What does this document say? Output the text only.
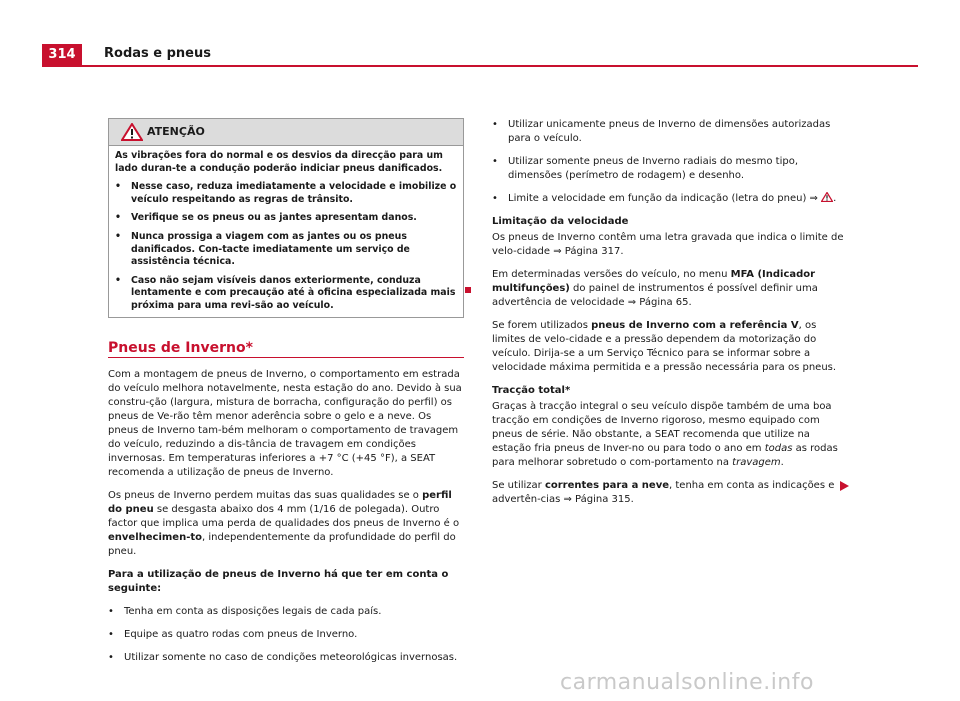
314	Rodas e pneus
ATENÇÃO

As vibrações fora do normal e os desvios da direcção para um lado duran-te a condução poderão indiciar pneus danificados.

• Nesse caso, reduza imediatamente a velocidade e imobilize o veículo respeitando as regras de trânsito.

• Verifique se os pneus ou as jantes apresentam danos.

• Nunca prossiga a viagem com as jantes ou os pneus danificados. Con-tacte imediatamente um serviço de assistência técnica.

• Caso não sejam visíveis danos exteriormente, conduza lentamente e com precaução até à oficina especializada mais próxima para uma revi-são ao veículo.

Pneus de Inverno*

Com a montagem de pneus de Inverno, o comportamento em estrada do veículo melhora notavelmente, nesta estação do ano. Devido à sua constru-ção (largura, mistura de borracha, configuração do perfil) os pneus de Ve-rão têm menor aderência sobre o gelo e a neve. Os pneus de Inverno tam-bém melhoram o comportamento de travagem do veículo, reduzindo a dis-tância de travagem em condições invernosas. Em temperaturas inferiores a +7 °C (+45 °F), a SEAT recomenda a utilização de pneus de Inverno.

Os pneus de Inverno perdem muitas das suas qualidades se o perfil do pneu se desgasta abaixo dos 4 mm (1/16 de polegada). Outro factor que implica uma perda de qualidades dos pneus de Inverno é o envelhecimen-to, independentemente da profundidade do perfil do pneu.

Para a utilização de pneus de Inverno há que ter em conta o seguinte:

• Tenha em conta as disposições legais de cada país.

• Equipe as quatro rodas com pneus de Inverno.

• Utilizar somente no caso de condições meteorológicas invernosas.

• Utilizar unicamente pneus de Inverno de dimensões autorizadas para o veículo.

• Utilizar somente pneus de Inverno radiais do mesmo tipo, dimensões (perímetro de rodagem) e desenho.

• Limite a velocidade em função da indicação (letra do pneu) ⇒ .

Limitação da velocidade

Os pneus de Inverno contêm uma letra gravada que indica o limite de velo-cidade ⇒ Página 317.

Em determinadas versões do veículo, no menu MFA (Indicador multifunções) do painel de instrumentos é possível definir uma advertência de velocidade ⇒ Página 65.

Se forem utilizados pneus de Inverno com a referência V, os limites de velo-cidade e a pressão dependem da motorização do veículo. Dirija-se a um Serviço Técnico para se informar sobre a velocidade máxima permitida e a pressão necessária para os pneus.

Tracção total*

Graças à tracção integral o seu veículo dispõe também de uma boa tracção em condições de Inverno rigoroso, mesmo equipado com pneus de série. Não obstante, a SEAT recomenda que utilize na estação fria pneus de Inver-no ou para todo o ano em todas as rodas para melhorar sobretudo o com-portamento na travagem.

Se utilizar correntes para a neve, tenha em conta as indicações e advertên-cias ⇒ Página 315.

carmanualsonline.info
